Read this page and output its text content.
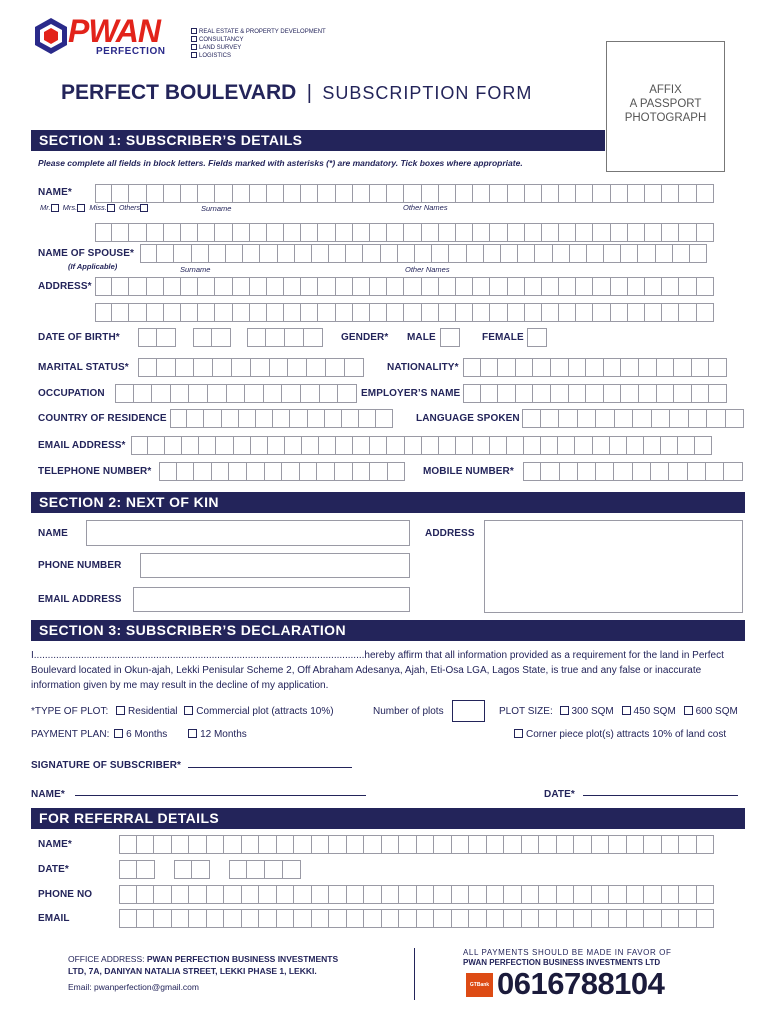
PWAN
PERFECTION
REAL ESTATE & PROPERTY DEVELOPMENT
CONSULTANCY
LAND SURVEY
LOGISTICS
PERFECT BOULEVARD | SUBSCRIPTION FORM	AFFIX
A PASSPORT
PHOTOGRAPH
SECTION 1: SUBSCRIBER’S DETAILS
Please complete all fields in block letters. Fields marked with asterisks (*) are mandatory. Tick boxes where appropriate.
NAME*
Mr. Mrs. Miss. Others	Surname	Other Names
NAME OF SPOUSE*
(If Applicable)	Surname	Other Names
ADDRESS*
DATE OF BIRTH*	GENDER* MALE	FEMALE
MARITAL STATUS*	NATIONALITY*
OCCUPATION	EMPLOYER’S NAME
COUNTRY OF RESIDENCE	LANGUAGE SPOKEN
EMAIL ADDRESS*
TELEPHONE NUMBER*	MOBILE NUMBER*
SECTION 2: NEXT OF KIN
NAME	ADDRESS
PHONE NUMBER
EMAIL ADDRESS
SECTION 3: SUBSCRIBER’S DECLARATION
I.......................................................................................................................hereby affirm that all information provided as a requirement for the land in Perfect
Boulevard located in Okun-ajah, Lekki Penisular Scheme 2, Off Abraham Adesanya, Ajah, Eti-Osa LGA, Lagos State, is true and any false or inaccurate
information given by me may result in the decline of my application.
*TYPE OF PLOT: Residential Commercial plot (attracts 10%)	Number of plots	PLOT SIZE: 300 SQM 450 SQM 600 SQM
PAYMENT PLAN: 6 Months	12 Months	Corner piece plot(s) attracts 10% of land cost
SIGNATURE OF SUBSCRIBER*
NAME*	DATE*
FOR REFERRAL DETAILS
NAME*
DATE*
PHONE NO
EMAIL
OFFICE ADDRESS: PWAN PERFECTION BUSINESS INVESTMENTS
LTD, 7A, DANIYAN NATALIA STREET, LEKKI PHASE 1, LEKKI.
Email: pwanperfection@gmail.com
ALL PAYMENTS SHOULD BE MADE IN FAVOR OF
PWAN PERFECTION BUSINESS INVESTMENTS LTD
GTBank 0616788104
